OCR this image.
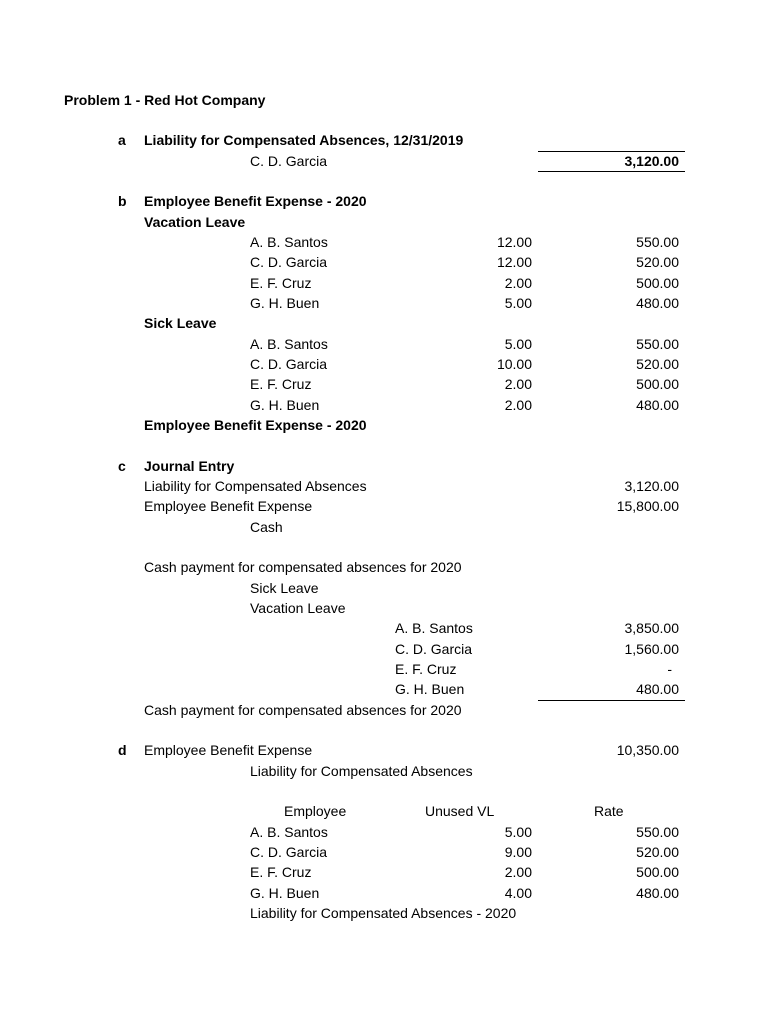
Problem 1 - Red Hot Company
a Liability for Compensated Absences, 12/31/2019
C. D. Garcia	3,120.00
b Employee Benefit Expense - 2020
Vacation Leave
A. B. Santos	12.00	550.00
C. D. Garcia	12.00	520.00
E. F. Cruz	2.00	500.00
G. H. Buen	5.00	480.00
Sick Leave
A. B. Santos	5.00	550.00
C. D. Garcia	10.00	520.00
E. F. Cruz	2.00	500.00
G. H. Buen	2.00	480.00
Employee Benefit Expense - 2020
c Journal Entry
Liability for Compensated Absences	3,120.00
Employee Benefit Expense	15,800.00
Cash
Cash payment for compensated absences for 2020
Sick Leave
Vacation Leave
A. B. Santos	3,850.00
C. D. Garcia	1,560.00
E. F. Cruz	-
G. H. Buen	480.00
Cash payment for compensated absences for 2020
d Employee Benefit Expense	10,350.00
Liability for Compensated Absences
Employee	Unused VL	Rate
A. B. Santos	5.00	550.00
C. D. Garcia	9.00	520.00
E. F. Cruz	2.00	500.00
G. H. Buen	4.00	480.00
Liability for Compensated Absences - 2020
